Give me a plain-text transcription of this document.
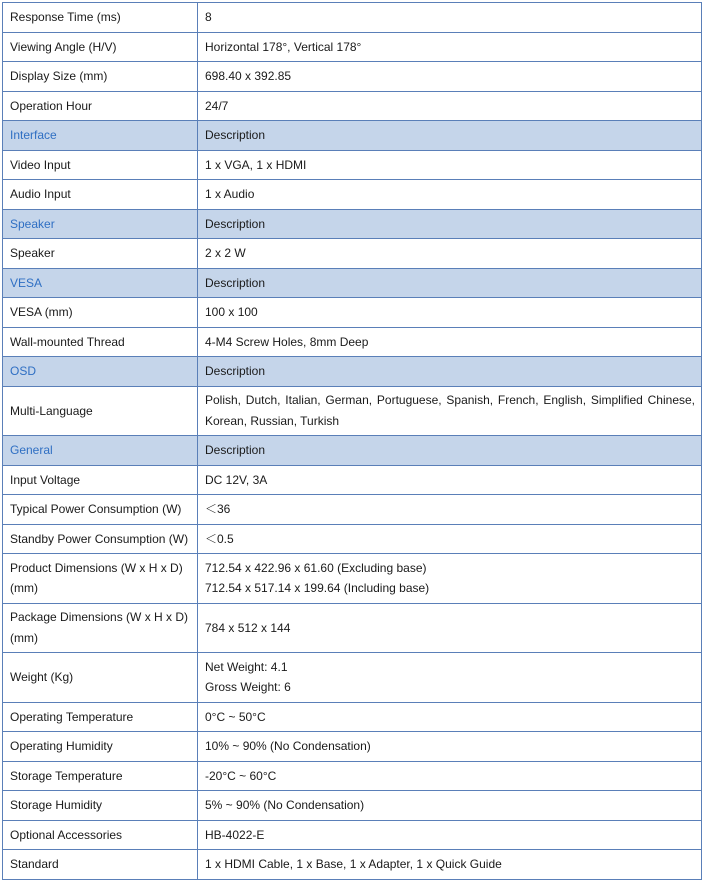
Response Time (ms)	8

Viewing Angle (H/V)	Horizontal 178°, Vertical 178°

Display Size (mm)	698.40 x 392.85

Operation Hour	24/7

Interface	Description

Video Input	1 x VGA, 1 x HDMI

Audio Input	1 x Audio

Speaker	Description

Speaker	2 x 2 W

VESA	Description

VESA (mm)	100 x 100

Wall-mounted Thread	4-M4 Screw Holes, 8mm Deep

OSD	Description

Multi-Language	Polish, Dutch, Italian, German, Portuguese, Spanish, French, English, Simplified Chinese, Korean, Russian, Turkish

General	Description

Input Voltage	DC 12V, 3A

Typical Power Consumption (W)	＜36

Standby Power Consumption (W)	＜0.5

Product Dimensions (W x H x D)
(mm)	712.54 x 422.96 x 61.60 (Excluding base)
712.54 x 517.14 x 199.64 (Including base)

Package Dimensions (W x H x D)
(mm)	784 x 512 x 144

Weight (Kg)	Net Weight: 4.1
Gross Weight: 6

Operating Temperature	0°C ~ 50°C

Operating Humidity	10% ~ 90% (No Condensation)

Storage Temperature	-20°C ~ 60°C

Storage Humidity	5% ~ 90% (No Condensation)

Optional Accessories	HB-4022-E

Standard	1 x HDMI Cable, 1 x Base, 1 x Adapter, 1 x Quick Guide
